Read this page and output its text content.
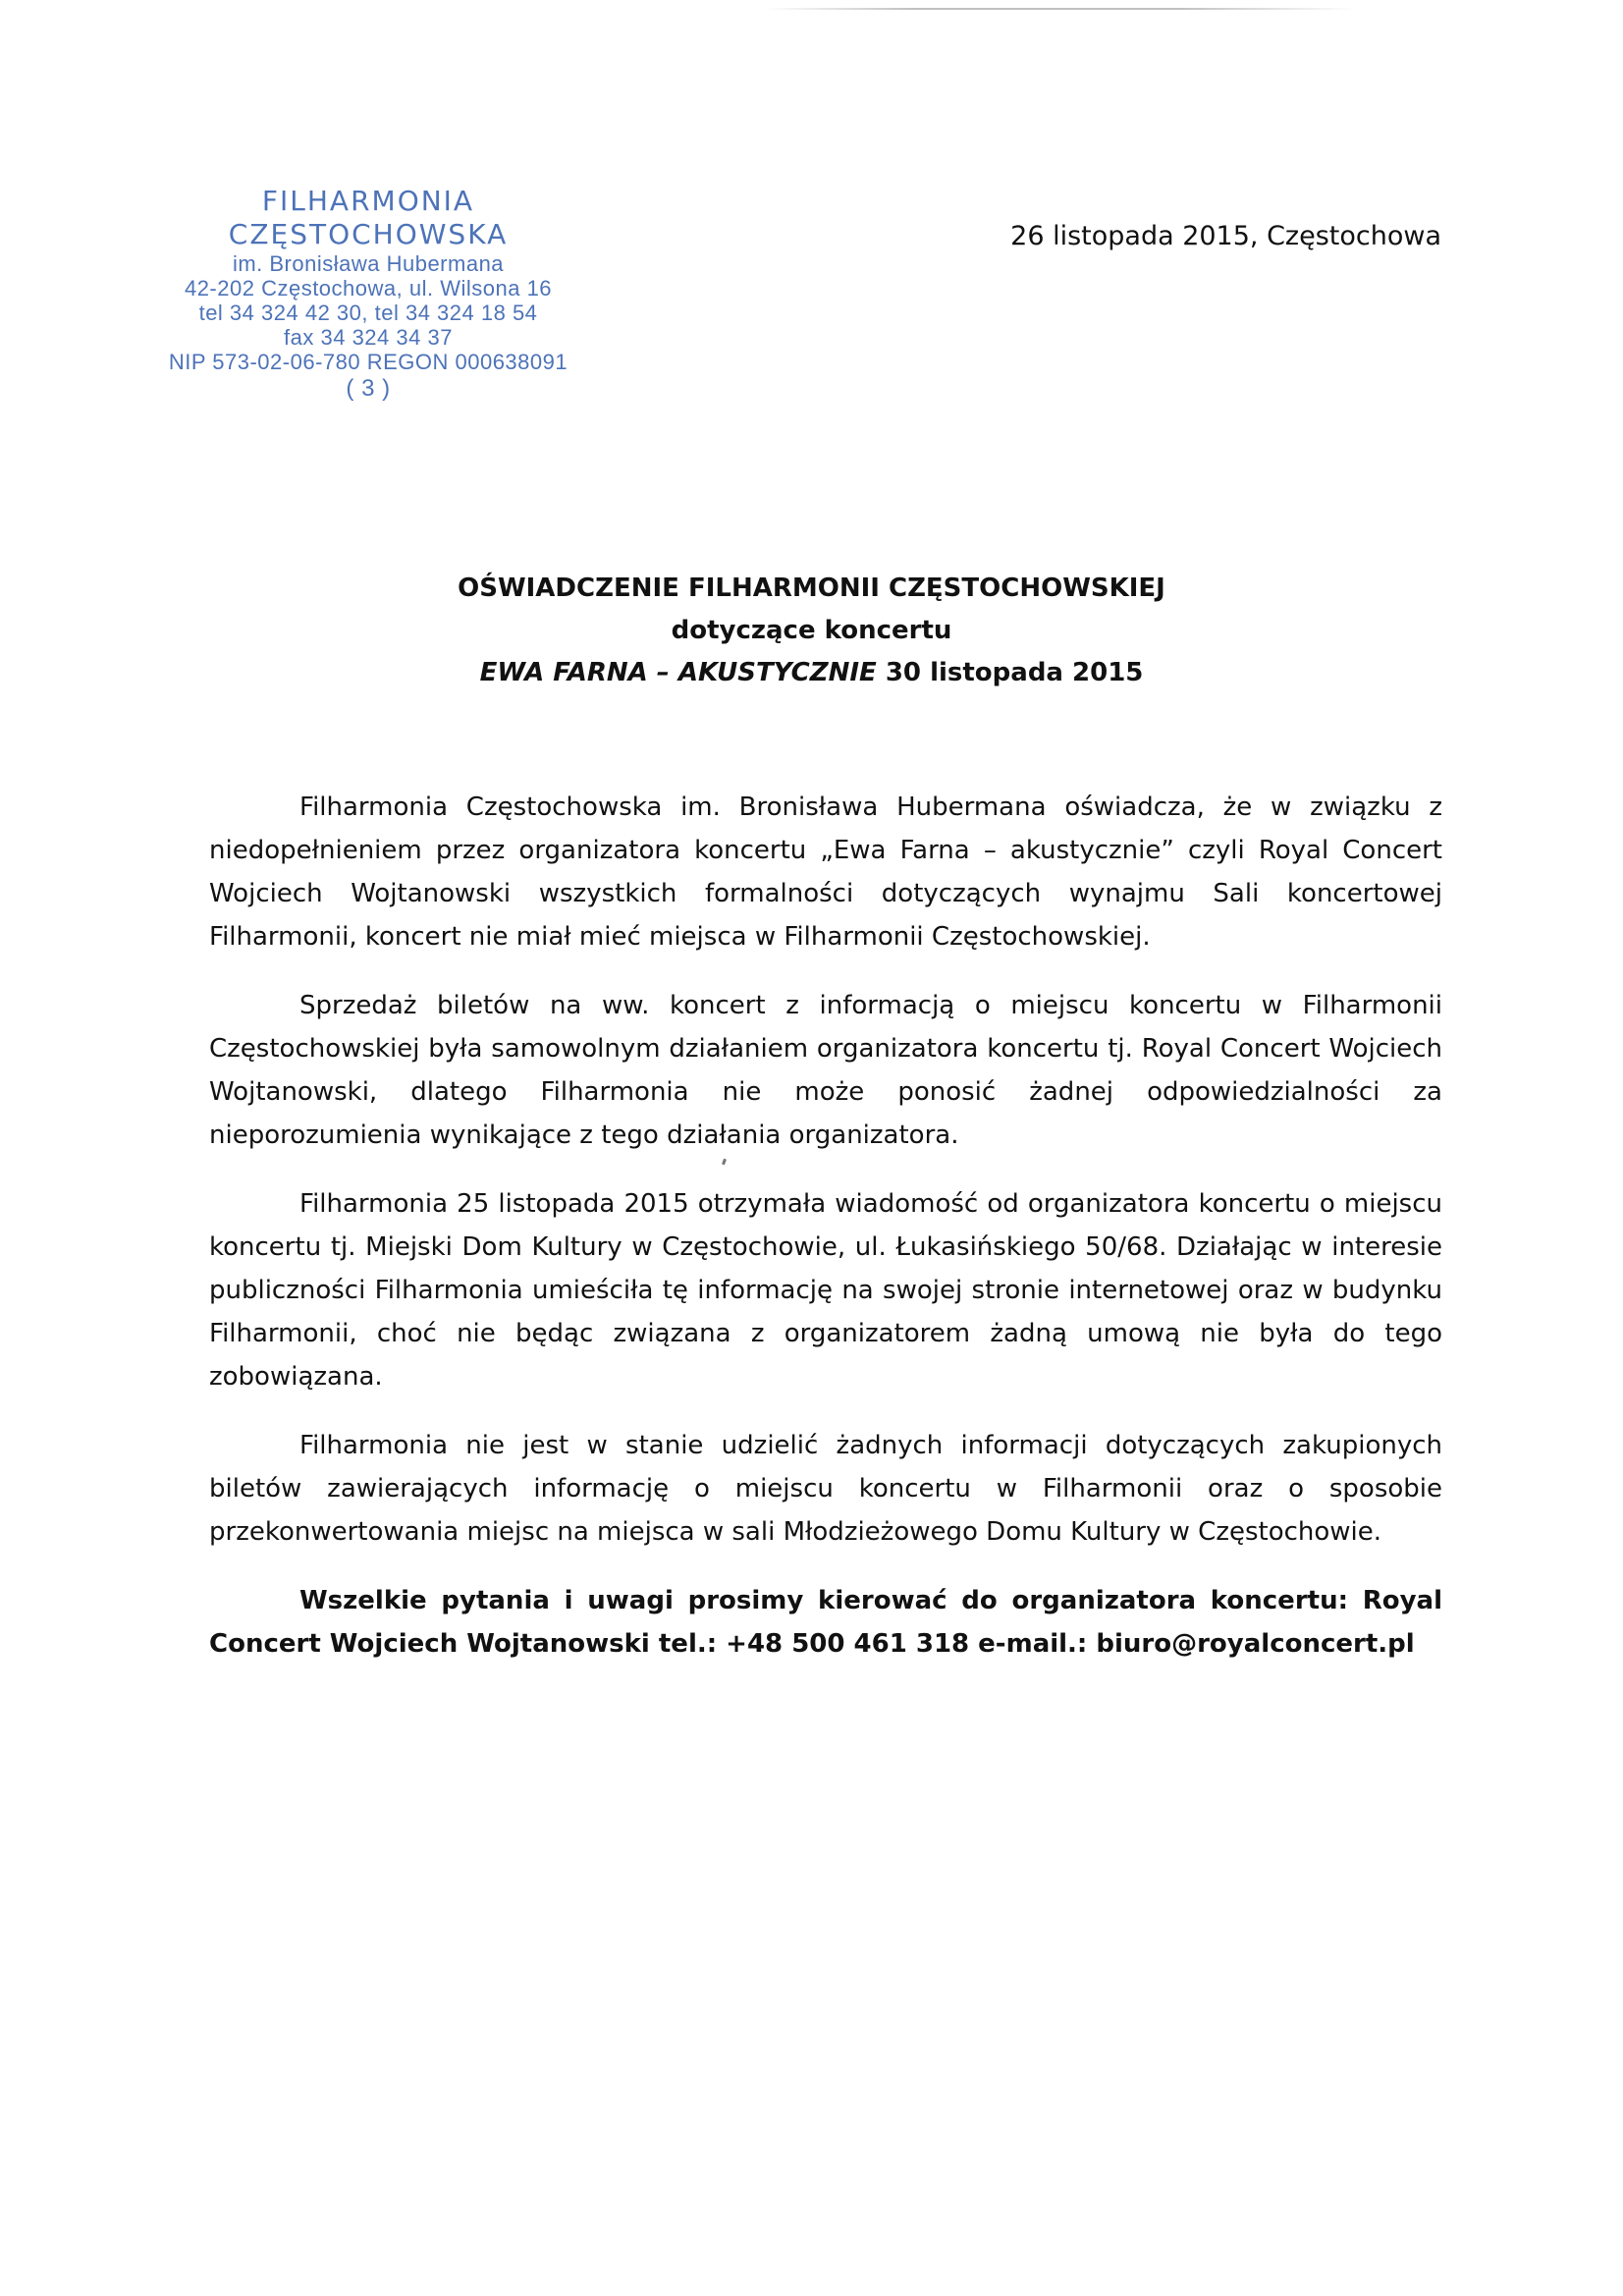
FILHARMONIA CZĘSTOCHOWSKA
im. Bronisława Hubermana
42-202 Częstochowa, ul. Wilsona 16
tel 34 324 42 30, tel 34 324 18 54
fax 34 324 34 37
NIP 573-02-06-780 REGON 000638091
( 3 )
26 listopada 2015, Częstochowa
OŚWIADCZENIE FILHARMONII CZĘSTOCHOWSKIEJ
dotyczące koncertu
EWA FARNA – AKUSTYCZNIE 30 listopada 2015

Filharmonia Częstochowska im. Bronisława Hubermana oświadcza, że w związku z niedopełnieniem przez organizatora koncertu „Ewa Farna – akustycznie” czyli Royal Concert Wojciech Wojtanowski wszystkich formalności dotyczących wynajmu Sali koncertowej Filharmonii, koncert nie miał mieć miejsca w Filharmonii Częstochowskiej.

Sprzedaż biletów na ww. koncert z informacją o miejscu koncertu w Filharmonii Częstochowskiej była samowolnym działaniem organizatora koncertu tj. Royal Concert Wojciech Wojtanowski, dlatego Filharmonia nie może ponosić żadnej odpowiedzialności za nieporozumienia wynikające z tego działania organizatora.

Filharmonia 25 listopada 2015 otrzymała wiadomość od organizatora koncertu o miejscu koncertu tj. Miejski Dom Kultury w Częstochowie, ul. Łukasińskiego 50/68. Działając w interesie publiczności Filharmonia umieściła tę informację na swojej stronie internetowej oraz w budynku Filharmonii, choć nie będąc związana z organizatorem żadną umową nie była do tego zobowiązana.

Filharmonia nie jest w stanie udzielić żadnych informacji dotyczących zakupionych biletów zawierających informację o miejscu koncertu w Filharmonii oraz o sposobie przekonwertowania miejsc na miejsca w sali Młodzieżowego Domu Kultury w Częstochowie.

Wszelkie pytania i uwagi prosimy kierować do organizatora koncertu: Royal Concert Wojciech Wojtanowski tel.: +48 500 461 318 e-mail.: biuro@royalconcert.pl
